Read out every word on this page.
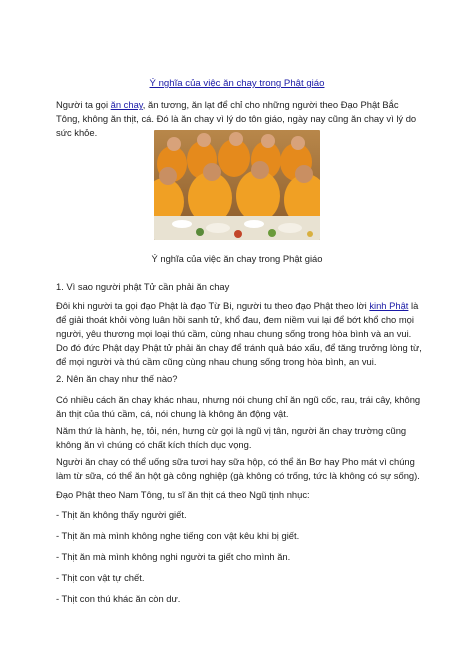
Ý nghĩa của việc ăn chay trong Phật giáo
Người ta gọi ăn chay, ăn tương, ăn lạt để chỉ cho những người theo Đạo Phật Bắc Tông, không ăn thịt, cá. Đó là ăn chay vì lý do tôn giáo, ngày nay cũng ăn chay vì lý do sức khỏe.
Ý nghĩa của việc ăn chay trong Phật giáo
1. Vì sao người phật Tử cần phải ăn chay
Đôi khi người ta gọi đạo Phật là đạo Từ Bi, người tu theo đạo Phật theo lời kinh Phật là để giải thoát khỏi vòng luân hồi sanh tử, khổ đau, đem niềm vui lại để bớt khổ cho mọi người, yêu thương mọi loại thú cầm, cùng nhau chung sống trong hòa bình và an vui. Do đó đức Phật dạy Phật tử phải ăn chay để tránh quả báo xấu, để tăng trưởng lòng từ, để mọi người và thú cầm cũng cùng nhau chung sống trong hòa bình, an vui.
2. Nên ăn chay như thế nào?
Có nhiều cách ăn chay khác nhau, nhưng nói chung chỉ ăn ngũ cốc, rau, trái cây, không ăn thịt của thú cầm, cá, nói chung là không ăn động vật.
Năm thứ là hành, hẹ, tỏi, nén, hưng cừ gọi là ngũ vị tân, người ăn chay trường cũng không ăn vì chúng có chất kích thích dục vọng.
Người ăn chay có thể uống sữa tươi hay sữa hộp, có thể ăn Bơ hay Pho mát vì chúng làm từ sữa, có thể ăn hột gà công nghiệp (gà không có trống, tức là không có sự sống).
Đạo Phật theo Nam Tông, tu sĩ ăn thịt cá theo Ngũ tịnh nhục:
- Thịt ăn không thấy người giết.
- Thịt ăn mà mình không nghe tiếng con vật kêu khi bị giết.
- Thịt ăn mà mình không nghi người ta giết cho mình ăn.
- Thịt con vật tự chết.
- Thịt con thú khác ăn còn dư.
